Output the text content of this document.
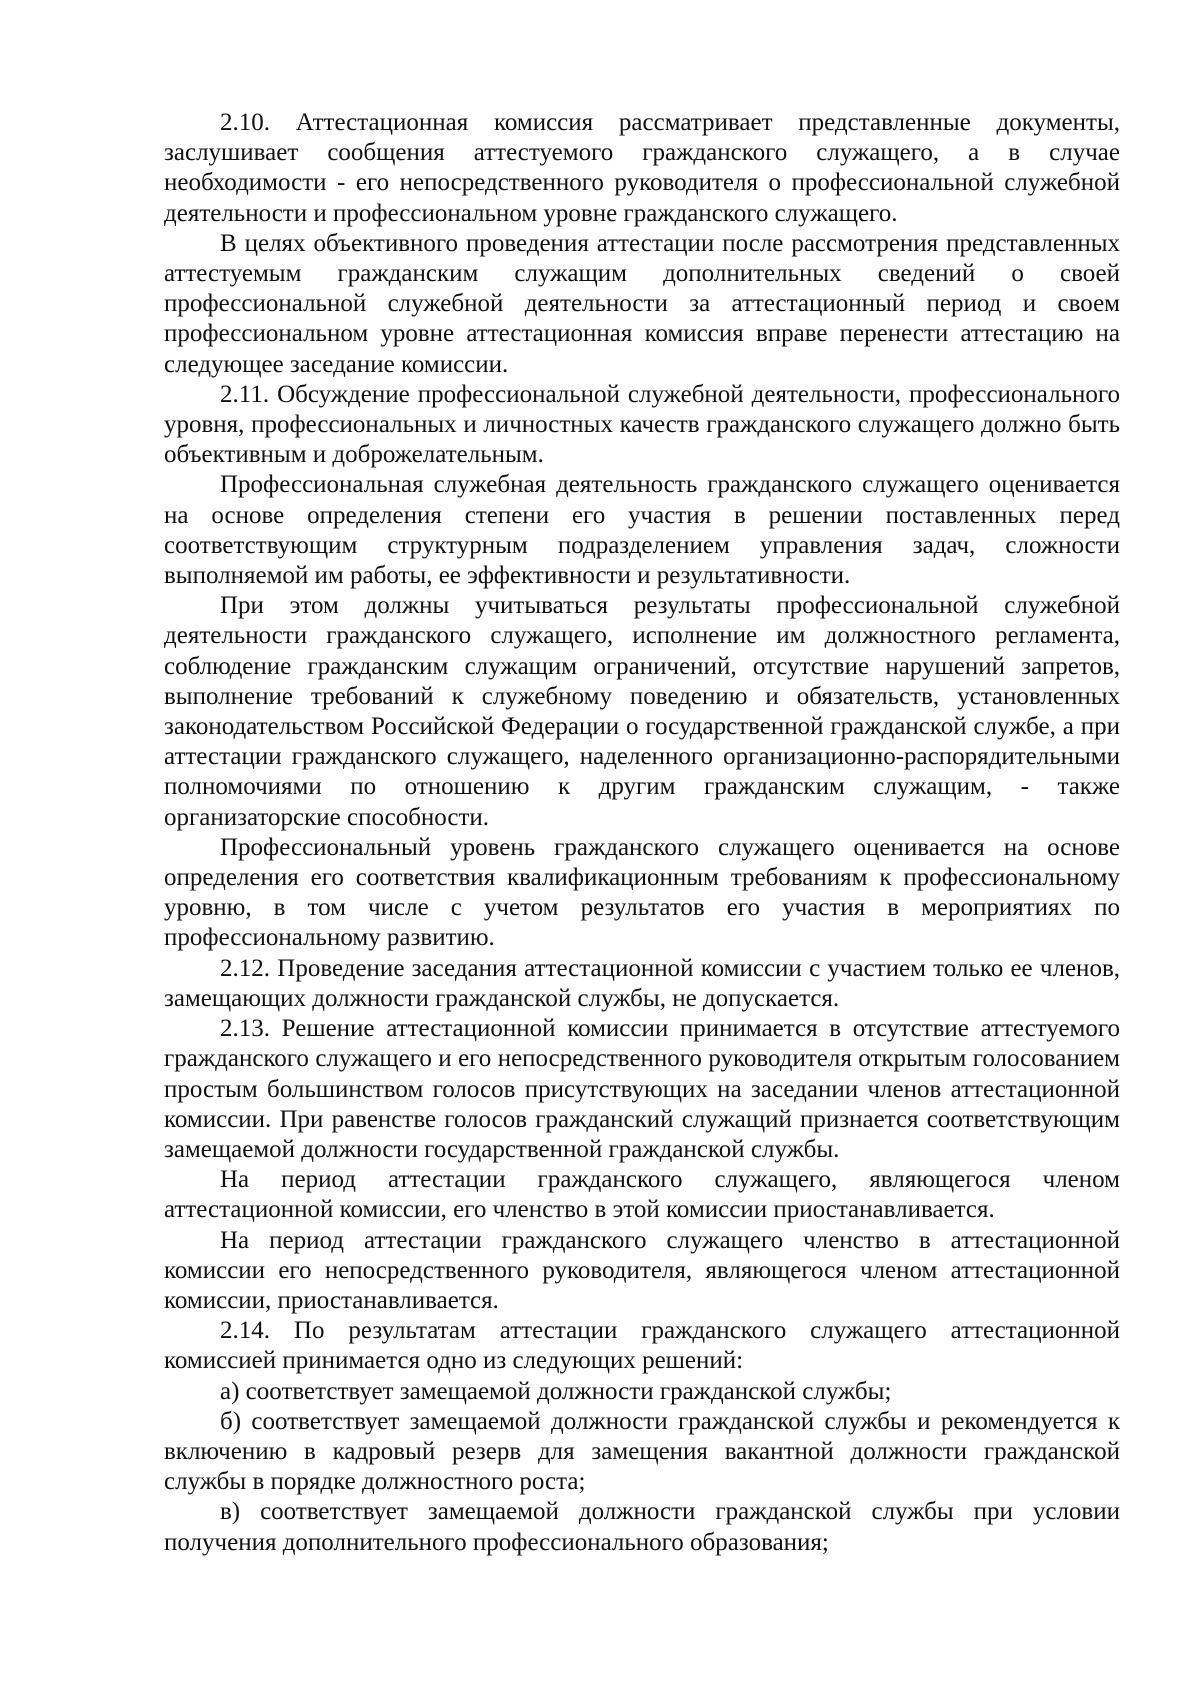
2.10. Аттестационная комиссия рассматривает представленные документы, заслушивает сообщения аттестуемого гражданского служащего, а в случае необходимости - его непосредственного руководителя о профессиональной служебной деятельности и профессиональном уровне гражданского служащего.

В целях объективного проведения аттестации после рассмотрения представленных аттестуемым гражданским служащим дополнительных сведений о своей профессиональной служебной деятельности за аттестационный период и своем профессиональном уровне аттестационная комиссия вправе перенести аттестацию на следующее заседание комиссии.

2.11. Обсуждение профессиональной служебной деятельности, профессионального уровня, профессиональных и личностных качеств гражданского служащего должно быть объективным и доброжелательным.

Профессиональная служебная деятельность гражданского служащего оценивается на основе определения степени его участия в решении поставленных перед соответствующим структурным подразделением управления задач, сложности выполняемой им работы, ее эффективности и результативности.

При этом должны учитываться результаты профессиональной служебной деятельности гражданского служащего, исполнение им должностного регламента, соблюдение гражданским служащим ограничений, отсутствие нарушений запретов, выполнение требований к служебному поведению и обязательств, установленных законодательством Российской Федерации о государственной гражданской службе, а при аттестации гражданского служащего, наделенного организационно-распорядительными полномочиями по отношению к другим гражданским служащим, - также организаторские способности.

Профессиональный уровень гражданского служащего оценивается на основе определения его соответствия квалификационным требованиям к профессиональному уровню, в том числе с учетом результатов его участия в мероприятиях по профессиональному развитию.

2.12. Проведение заседания аттестационной комиссии с участием только ее членов, замещающих должности гражданской службы, не допускается.

2.13. Решение аттестационной комиссии принимается в отсутствие аттестуемого гражданского служащего и его непосредственного руководителя открытым голосованием простым большинством голосов присутствующих на заседании членов аттестационной комиссии. При равенстве голосов гражданский служащий признается соответствующим замещаемой должности государственной гражданской службы.

На период аттестации гражданского служащего, являющегося членом аттестационной комиссии, его членство в этой комиссии приостанавливается.

На период аттестации гражданского служащего членство в аттестационной комиссии его непосредственного руководителя, являющегося членом аттестационной комиссии, приостанавливается.

2.14. По результатам аттестации гражданского служащего аттестационной комиссией принимается одно из следующих решений:

а) соответствует замещаемой должности гражданской службы;

б) соответствует замещаемой должности гражданской службы и рекомендуется к включению в кадровый резерв для замещения вакантной должности гражданской службы в порядке должностного роста;

в) соответствует замещаемой должности гражданской службы при условии получения дополнительного профессионального образования;
